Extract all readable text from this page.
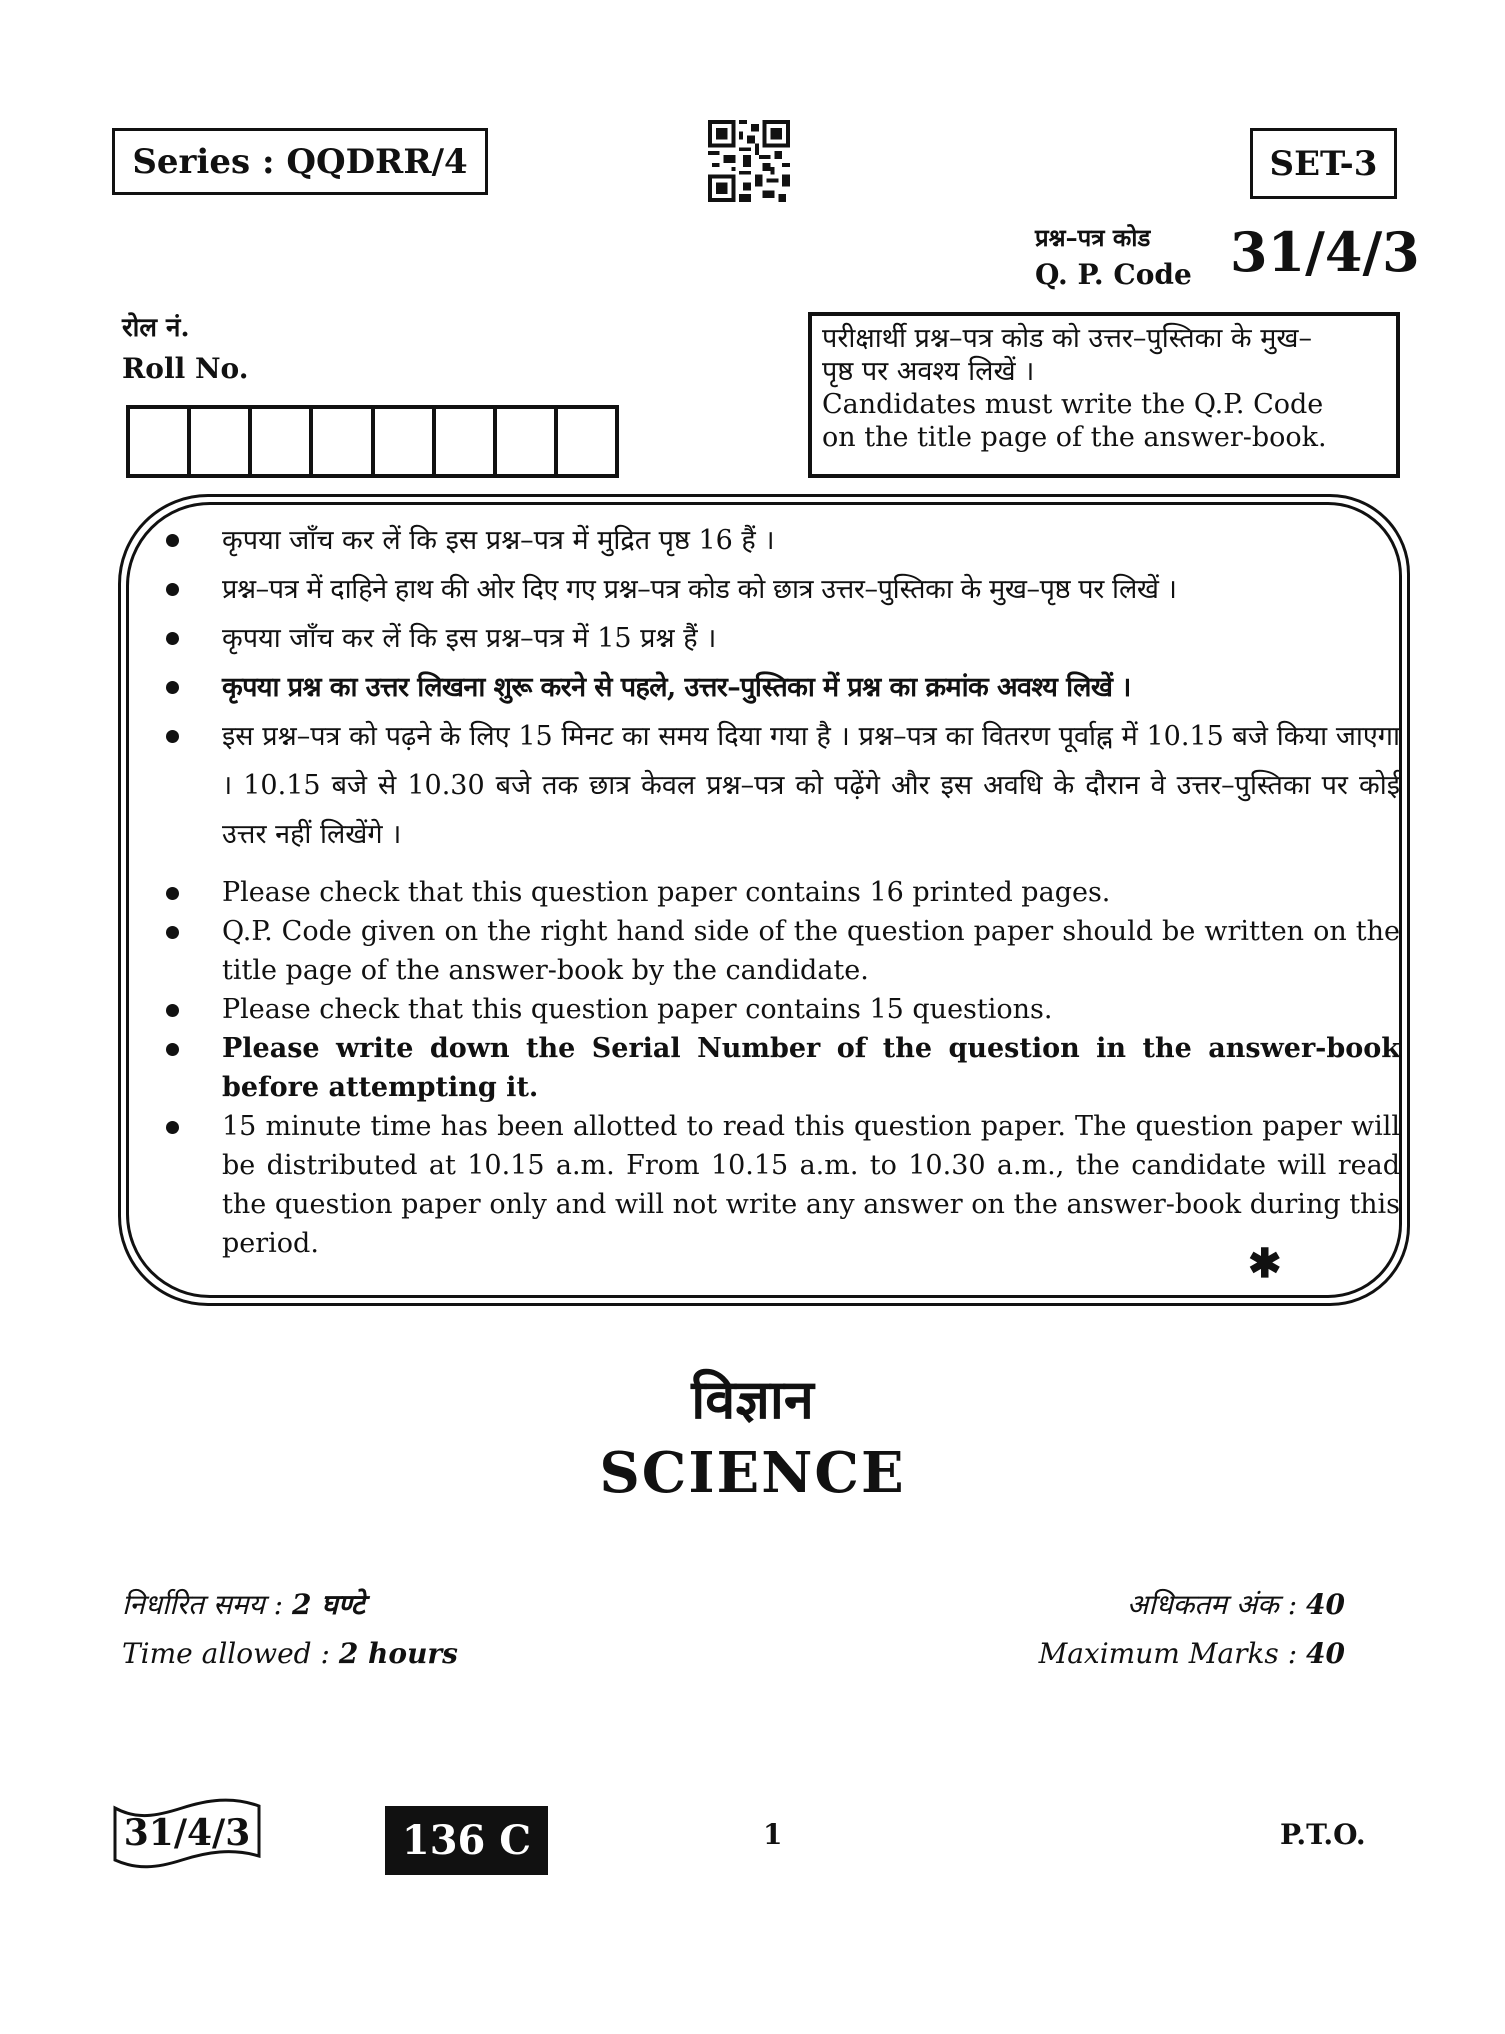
Series : QQDRR/4	SET-3
प्रश्न–पत्र कोड
Q. P. Code 31/4/3
रोल नं.
Roll No.
परीक्षार्थी प्रश्न–पत्र कोड को उत्तर–पुस्तिका के मुख–
पृष्ठ पर अवश्य लिखें ।
Candidates must write the Q.P. Code
on the title page of the answer-book.
कृपया जाँच कर लें कि इस प्रश्न–पत्र में मुद्रित पृष्ठ 16 हैं ।
प्रश्न–पत्र में दाहिने हाथ की ओर दिए गए प्रश्न–पत्र कोड को छात्र उत्तर–पुस्तिका के मुख–पृष्ठ पर लिखें ।
कृपया जाँच कर लें कि इस प्रश्न–पत्र में 15 प्रश्न हैं ।
कृपया प्रश्न का उत्तर लिखना शुरू करने से पहले, उत्तर–पुस्तिका में प्रश्न का क्रमांक अवश्य लिखें ।
इस प्रश्न–पत्र को पढ़ने के लिए 15 मिनट का समय दिया गया है । प्रश्न–पत्र का वितरण पूर्वाह्न में 10.15 बजे किया जाएगा । 10.15 बजे से 10.30 बजे तक छात्र केवल प्रश्न–पत्र को पढ़ेंगे और इस अवधि के दौरान वे उत्तर–पुस्तिका पर कोई उत्तर नहीं लिखेंगे ।
Please check that this question paper contains 16 printed pages.
Q.P. Code given on the right hand side of the question paper should be written on the title page of the answer-book by the candidate.
Please check that this question paper contains 15 questions.
Please write down the Serial Number of the question in the answer-book before attempting it.
15 minute time has been allotted to read this question paper. The question paper will be distributed at 10.15 a.m. From 10.15 a.m. to 10.30 a.m., the candidate will read the question paper only and will not write any answer on the answer-book during this period.	✱
विज्ञान
SCIENCE
निर्धारित समय : 2 घण्टे
Time allowed : 2 hours
अधिकतम अंक : 40
Maximum Marks : 40
31/4/3	136 C	1	P.T.O.
